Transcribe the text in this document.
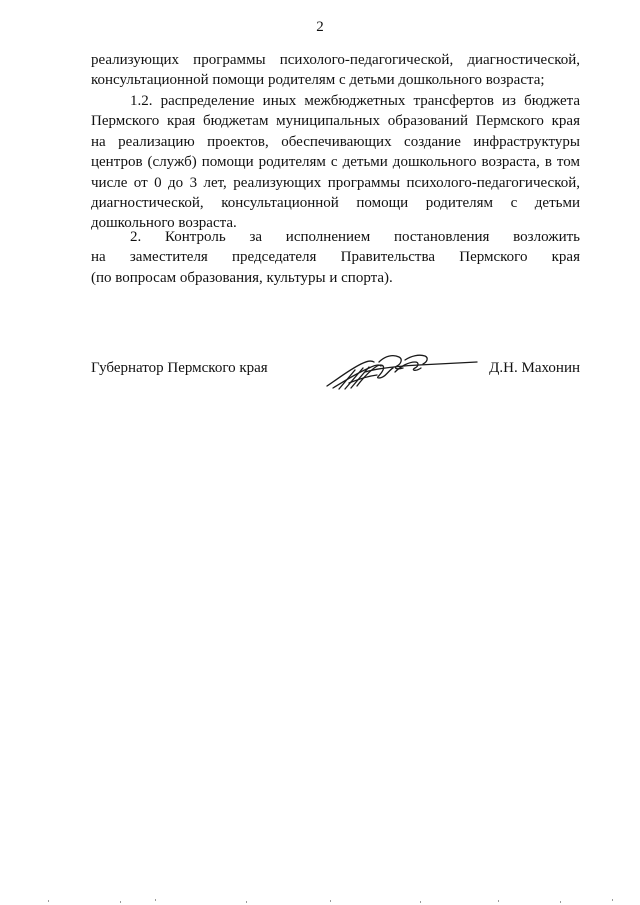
2
реализующих программы психолого-педагогической, диагностической,
консультационной помощи родителям с детьми дошкольного возраста;
1.2. распределение иных межбюджетных трансфертов из бюджета
Пермского края бюджетам муниципальных образований Пермского края
на реализацию проектов, обеспечивающих создание инфраструктуры
центров (служб) помощи родителям с детьми дошкольного возраста, в том
числе от 0 до 3 лет, реализующих программы психолого-педагогической,
диагностической, консультационной помощи родителям с детьми
дошкольного возраста.
2. Контроль за исполнением постановления возложить
на заместителя председателя Правительства Пермского края
(по вопросам образования, культуры и спорта).
Губернатор Пермского края	Д.Н. Махонин
